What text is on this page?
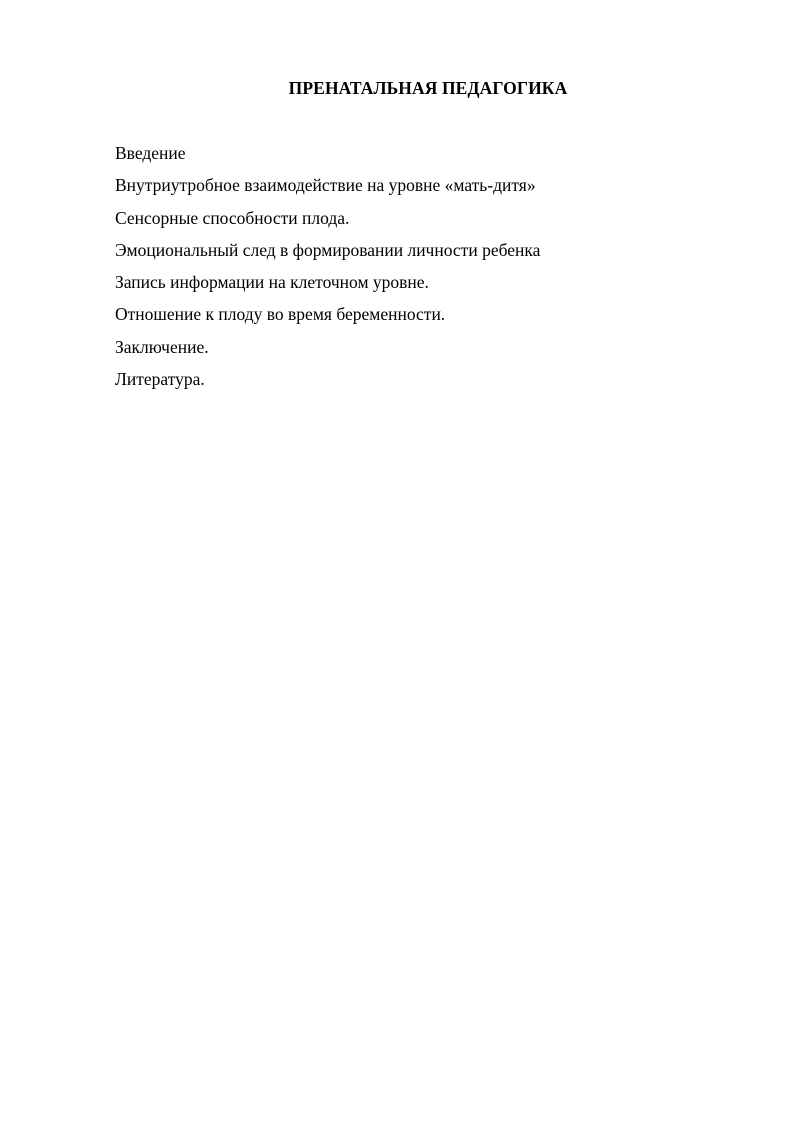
ПРЕНАТАЛЬНАЯ ПЕДАГОГИКА
Введение
Внутриутробное взаимодействие на уровне «мать-дитя»
Сенсорные способности плода.
Эмоциональный след в формировании личности ребенка
Запись информации на клеточном уровне.
Отношение к плоду во время беременности.
Заключение.
Литература.
